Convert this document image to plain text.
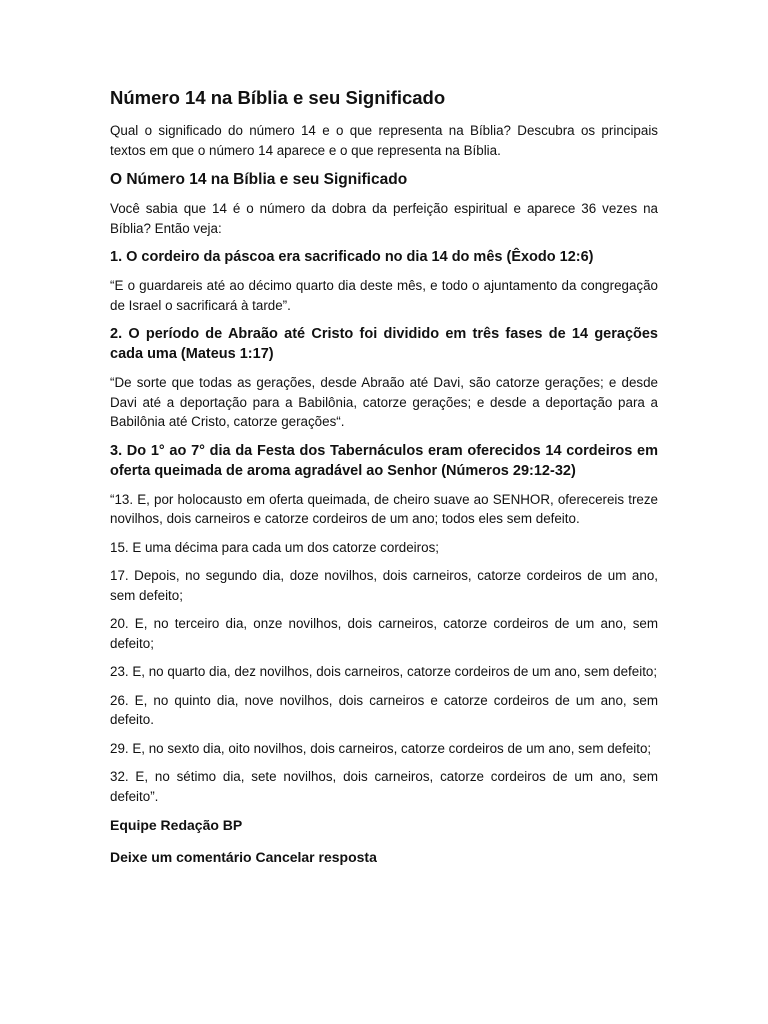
Número 14 na Bíblia e seu Significado

Qual o significado do número 14 e o que representa na Bíblia? Descubra os principais textos em que o número 14 aparece e o que representa na Bíblia.

O Número 14 na Bíblia e seu Significado

Você sabia que 14 é o número da dobra da perfeição espiritual e aparece 36 vezes na Bíblia? Então veja:

1. O cordeiro da páscoa era sacrificado no dia 14 do mês (Êxodo 12:6)

“E o guardareis até ao décimo quarto dia deste mês, e todo o ajuntamento da congregação de Israel o sacrificará à tarde”.

2. O período de Abraão até Cristo foi dividido em três fases de 14 gerações cada uma (Mateus 1:17)

“De sorte que todas as gerações, desde Abraão até Davi, são catorze gerações; e desde Davi até a deportação para a Babilônia, catorze gerações; e desde a deportação para a Babilônia até Cristo, catorze gerações“.

3. Do 1° ao 7° dia da Festa dos Tabernáculos eram oferecidos 14 cordeiros em oferta queimada de aroma agradável ao Senhor (Números 29:12-32)

“13. E, por holocausto em oferta queimada, de cheiro suave ao SENHOR, oferecereis treze novilhos, dois carneiros e catorze cordeiros de um ano; todos eles sem defeito.

15. E uma décima para cada um dos catorze cordeiros;

17. Depois, no segundo dia, doze novilhos, dois carneiros, catorze cordeiros de um ano, sem defeito;

20. E, no terceiro dia, onze novilhos, dois carneiros, catorze cordeiros de um ano, sem defeito;

23. E, no quarto dia, dez novilhos, dois carneiros, catorze cordeiros de um ano, sem defeito;

26. E, no quinto dia, nove novilhos, dois carneiros e catorze cordeiros de um ano, sem defeito.

29. E, no sexto dia, oito novilhos, dois carneiros, catorze cordeiros de um ano, sem defeito;

32. E, no sétimo dia, sete novilhos, dois carneiros, catorze cordeiros de um ano, sem defeito”.

Equipe Redação BP

Deixe um comentário Cancelar resposta
